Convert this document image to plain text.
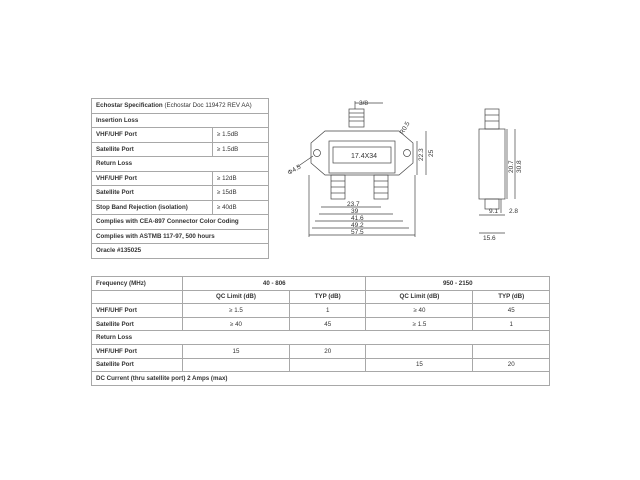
Echostar Specification (Echostar Doc 119472 REV AA)	
Insertion Loss	
VHF/UHF Port	≥ 1.5dB
Satellite Port	≥ 1.5dB
Return Loss	
VHF/UHF Port	≥ 12dB
Satellite Port	≥ 15dB
Stop Band Rejection (isolation)	≥ 40dB
Complies with CEA-897 Connector Color Coding	
Complies with ASTMB 117-97, 500 hours	
Oracle #135025	
3/8
R0.5
Φ4.5
17.4X34	22.3 25
23.7
39
41.6
49.2
57.5
20.7 30.8
9.1 2.8
15.6
Frequency (MHz)	40 - 806		950 - 2150	
	QC Limit (dB)	TYP (dB)	QC Limit (dB)	TYP (dB)
VHF/UHF Port	≥ 1.5	1	≥ 40	45
Satellite Port	≥ 40	45	≥ 1.5	1
Return Loss				
VHF/UHF Port	15	20		
Satellite Port			15	20
DC Current (thru satellite port) 2 Amps (max)				
